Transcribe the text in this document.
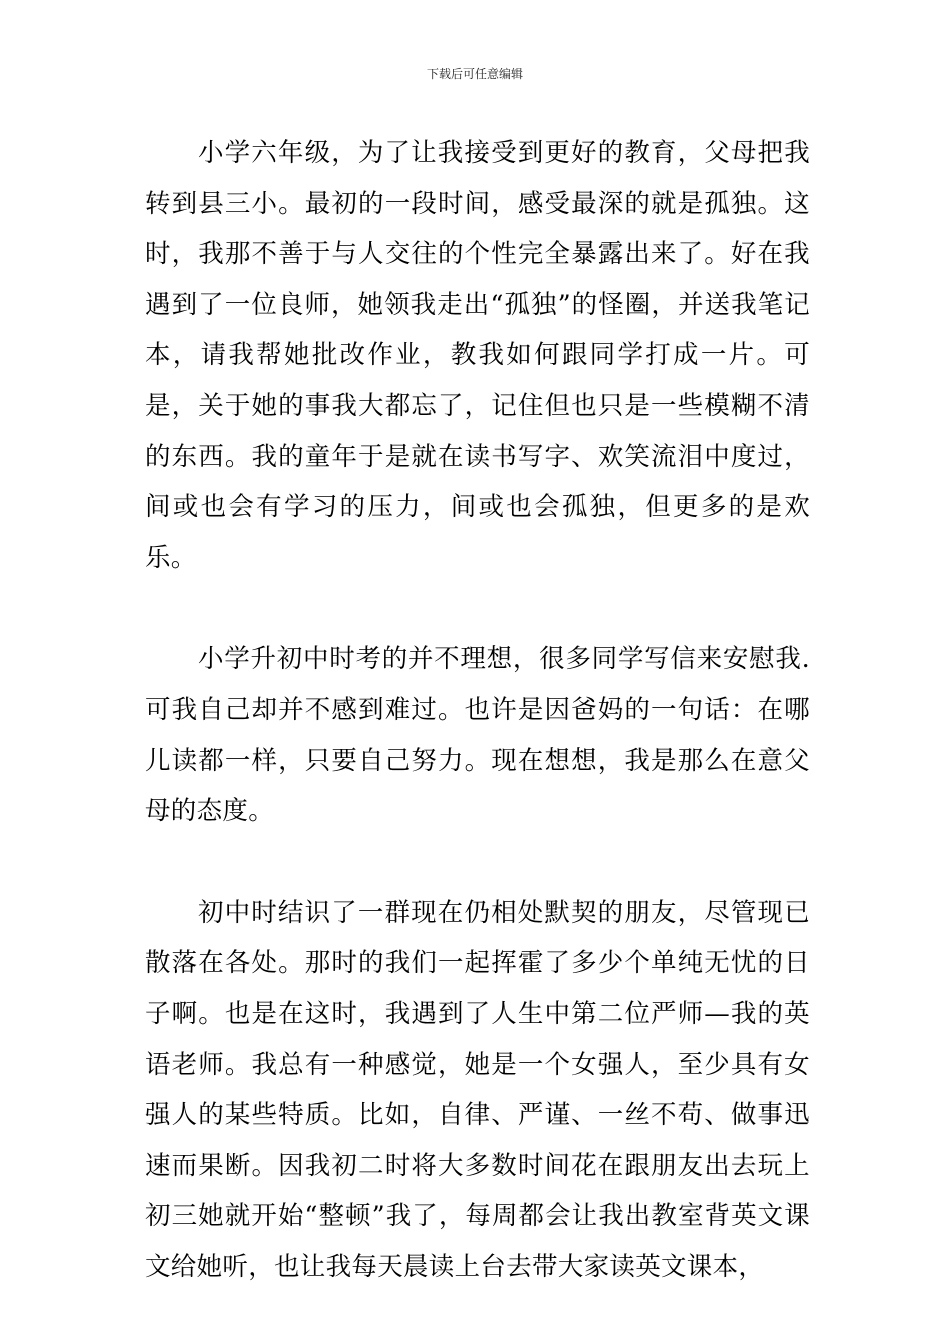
下载后可任意编辑

小学六年级，为了让我接受到更好的教育，父母把我转到县三小。最初的一段时间，感受最深的就是孤独。这时，我那不善于与人交往的个性完全暴露出来了。好在我遇到了一位良师，她领我走出“孤独”的怪圈，并送我笔记本，请我帮她批改作业，教我如何跟同学打成一片。可是，关于她的事我大都忘了，记住但也只是一些模糊不清的东西。我的童年于是就在读书写字、欢笑流泪中度过，间或也会有学习的压力，间或也会孤独，但更多的是欢乐。

小学升初中时考的并不理想，很多同学写信来安慰我.可我自己却并不感到难过。也许是因爸妈的一句话：在哪儿读都一样，只要自己努力。现在想想，我是那么在意父母的态度。

初中时结识了一群现在仍相处默契的朋友，尽管现已散落在各处。那时的我们一起挥霍了多少个单纯无忧的日子啊。也是在这时，我遇到了人生中第二位严师—我的英语老师。我总有一种感觉，她是一个女强人，至少具有女强人的某些特质。比如，自律、严谨、一丝不苟、做事迅速而果断。因我初二时将大多数时间花在跟朋友出去玩上初三她就开始“整顿”我了，每周都会让我出教室背英文课文给她听，也让我每天晨读上台去带大家读英文课本，
